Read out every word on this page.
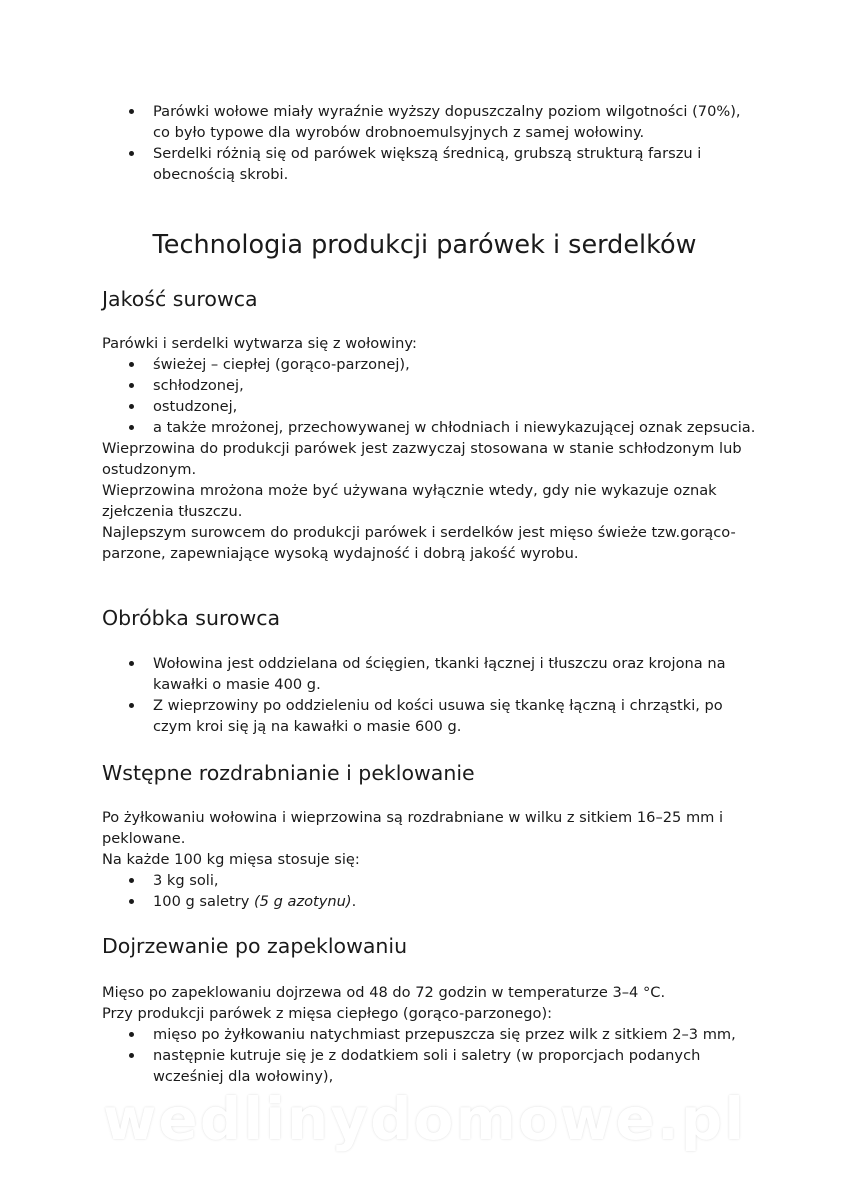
Parówki wołowe miały wyraźnie wyższy dopuszczalny poziom wilgotności (70%), co było typowe dla wyrobów drobnoemulsyjnych z samej wołowiny.
Serdelki różnią się od parówek większą średnicą, grubszą strukturą farszu i obecnością skrobi.
Technologia produkcji parówek i serdelków
Jakość surowca

Parówki i serdelki wytwarza się z wołowiny:

świeżej – ciepłej (gorąco-parzonej),
schłodzonej,
ostudzonej,
a także mrożonej, przechowywanej w chłodniach i niewykazującej oznak zepsucia.

Wieprzowina do produkcji parówek jest zazwyczaj stosowana w stanie schłodzonym lub ostudzonym.

Wieprzowina mrożona może być używana wyłącznie wtedy, gdy nie wykazuje oznak zjełczenia tłuszczu.

Najlepszym surowcem do produkcji parówek i serdelków jest mięso świeże tzw.gorąco-parzone, zapewniające wysoką wydajność i dobrą jakość wyrobu.

Obróbka surowca
Wołowina jest oddzielana od ścięgien, tkanki łącznej i tłuszczu oraz krojona na kawałki o masie 400 g.
Z wieprzowiny po oddzieleniu od kości usuwa się tkankę łączną i chrząstki, po czym kroi się ją na kawałki o masie 600 g.
Wstępne rozdrabnianie i peklowanie

Po żyłkowaniu wołowina i wieprzowina są rozdrabniane w wilku z sitkiem 16–25 mm i peklowane.

Na każde 100 kg mięsa stosuje się:

3 kg soli,
100 g saletry (5 g azotynu).
Dojrzewanie po zapeklowaniu

Mięso po zapeklowaniu dojrzewa od 48 do 72 godzin w temperaturze 3–4 °C.

Przy produkcji parówek z mięsa ciepłego (gorąco-parzonego):

mięso po żyłkowaniu natychmiast przepuszcza się przez wilk z sitkiem 2–3 mm,
następnie kutruje się je z dodatkiem soli i saletry (w proporcjach podanych wcześniej dla wołowiny),
wedlinydomowe.pl
